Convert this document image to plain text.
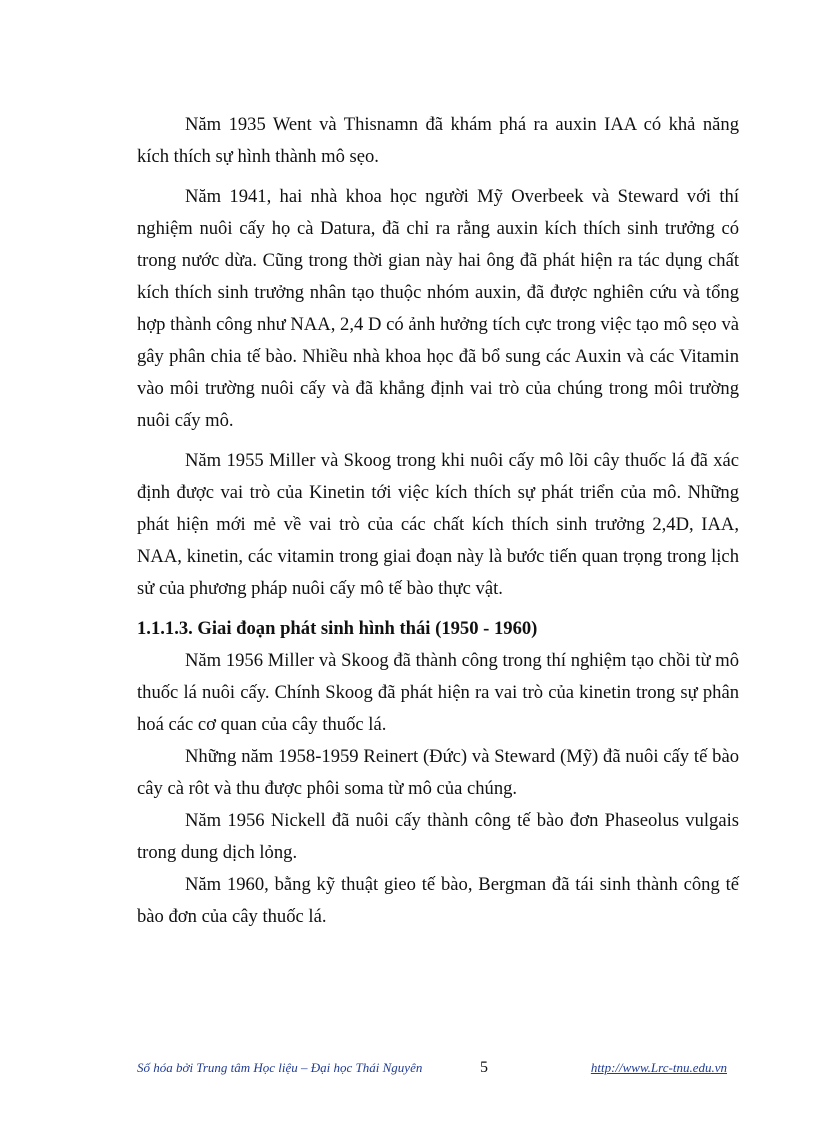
Năm 1935 Went và Thisnamn đã khám phá ra auxin IAA có khả năng kích thích sự hình thành mô sẹo.

Năm 1941, hai nhà khoa học người Mỹ Overbeek và Steward với thí nghiệm nuôi cấy họ cà Datura, đã chỉ ra rằng auxin kích thích sinh trưởng có trong nước dừa. Cũng trong thời gian này hai ông đã phát hiện ra tác dụng chất kích thích sinh trưởng nhân tạo thuộc nhóm auxin, đã được nghiên cứu và tổng hợp thành công như NAA, 2,4 D có ảnh hưởng tích cực trong việc tạo mô sẹo và gây phân chia tế bào. Nhiều nhà khoa học đã bổ sung các Auxin và các Vitamin vào môi trường nuôi cấy và đã khẳng định vai trò của chúng trong môi trường nuôi cấy mô.

Năm 1955 Miller và Skoog trong khi nuôi cấy mô lõi cây thuốc lá đã xác định được vai trò của Kinetin tới việc kích thích sự phát triển của mô. Những phát hiện mới mẻ về vai trò của các chất kích thích sinh trưởng 2,4D, IAA, NAA, kinetin, các vitamin trong giai đoạn này là bước tiến quan trọng trong lịch sử của phương pháp nuôi cấy mô tế bào thực vật.

1.1.1.3. Giai đoạn phát sinh hình thái (1950 - 1960)

Năm 1956 Miller và Skoog đã thành công trong thí nghiệm tạo chồi từ mô thuốc lá nuôi cấy. Chính Skoog đã phát hiện ra vai trò của kinetin trong sự phân hoá các cơ quan của cây thuốc lá.

Những năm 1958-1959 Reinert (Đức) và Steward (Mỹ) đã nuôi cấy tế bào cây cà rôt và thu được phôi soma từ mô của chúng.

Năm 1956 Nickell đã nuôi cấy thành công tế bào đơn Phaseolus vulgais trong dung dịch lỏng.

Năm 1960, bằng kỹ thuật gieo tế bào, Bergman đã tái sinh thành công tế bào đơn của cây thuốc lá.

Số hóa bởi Trung tâm Học liệu – Đại học Thái Nguyên	5	http://www.Lrc-tnu.edu.vn
